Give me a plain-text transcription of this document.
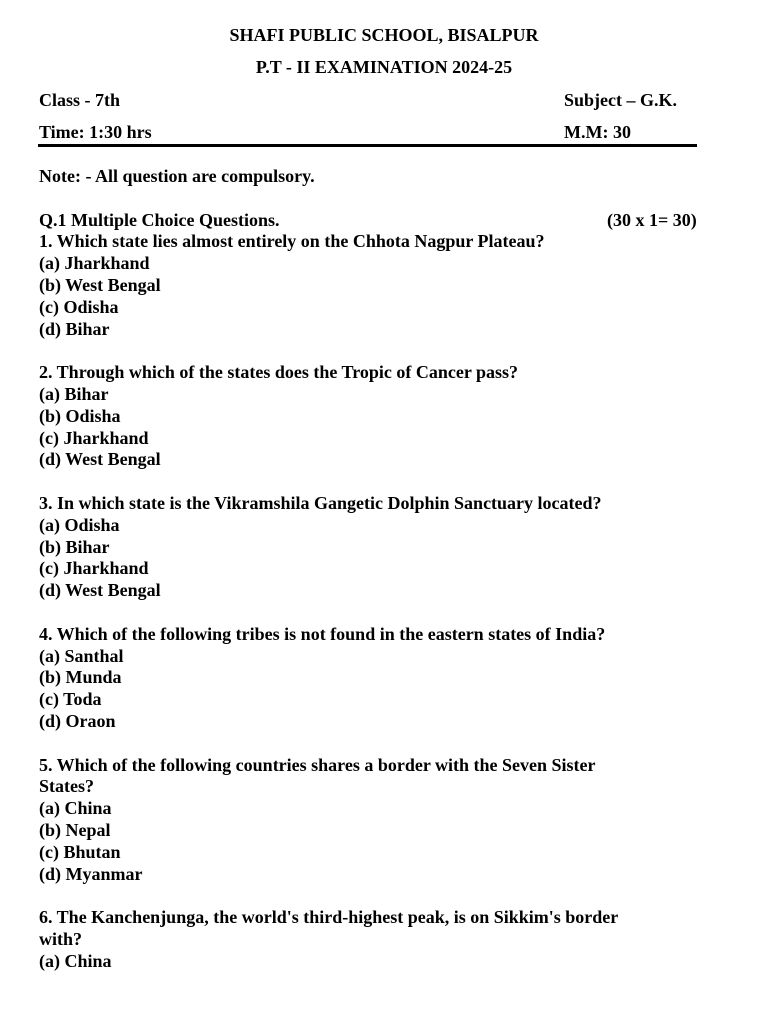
SHAFI PUBLIC SCHOOL, BISALPUR
P.T - II EXAMINATION 2024-25
Class - 7th	Subject – G.K.
Time: 1:30 hrs	M.M: 30
Note: - All question are compulsory.
Q.1 Multiple Choice Questions.	(30 x 1= 30)
1. Which state lies almost entirely on the Chhota Nagpur Plateau?
(a) Jharkhand
(b) West Bengal
(c) Odisha
(d) Bihar
2. Through which of the states does the Tropic of Cancer pass?
(a) Bihar
(b) Odisha
(c) Jharkhand
(d) West Bengal
3. In which state is the Vikramshila Gangetic Dolphin Sanctuary located?
(a) Odisha
(b) Bihar
(c) Jharkhand
(d) West Bengal
4. Which of the following tribes is not found in the eastern states of India?
(a) Santhal
(b) Munda
(c) Toda
(d) Oraon
5. Which of the following countries shares a border with the Seven Sister
States?
(a) China
(b) Nepal
(c) Bhutan
(d) Myanmar
6. The Kanchenjunga, the world's third-highest peak, is on Sikkim's border
with?
(a) China
